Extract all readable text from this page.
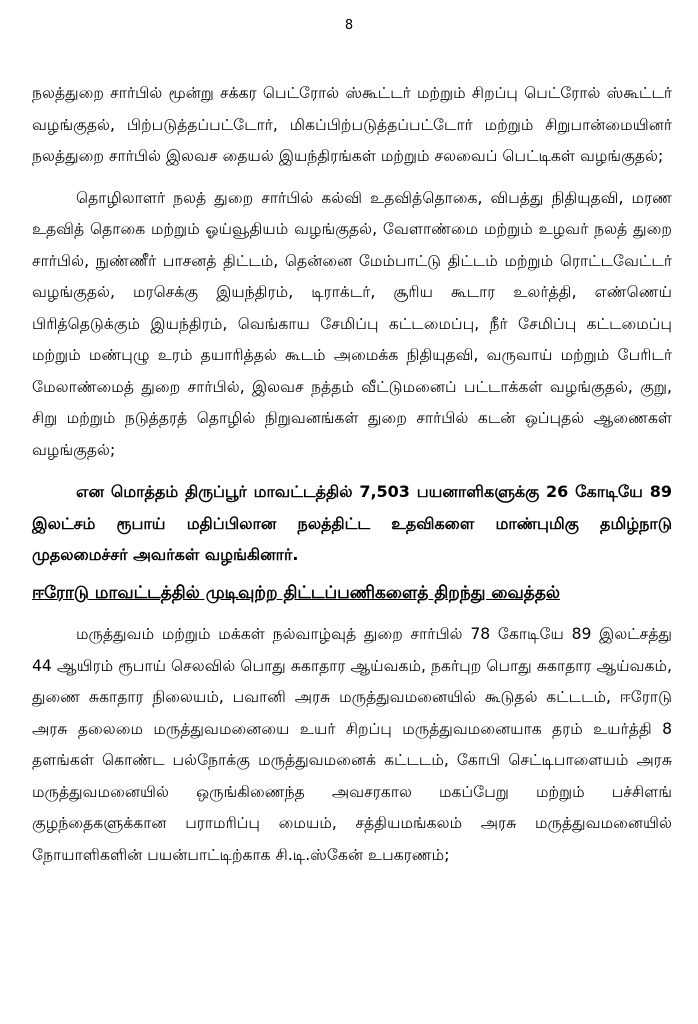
8

நலத்துறை சார்பில் மூன்று சக்கர பெட்ரோல் ஸ்கூட்டர் மற்றும் சிறப்பு பெட்ரோல் ஸ்கூட்டர் வழங்குதல், பிற்படுத்தப்பட்டோர், மிகப்பிற்படுத்தப்பட்டோர் மற்றும் சிறுபான்மையினர் நலத்துறை சார்பில் இலவச தையல் இயந்திரங்கள் மற்றும் சலவைப் பெட்டிகள் வழங்குதல்;

தொழிலாளர் நலத் துறை சார்பில் கல்வி உதவித்தொகை, விபத்து நிதியுதவி, மரண உதவித் தொகை மற்றும் ஓய்வூதியம் வழங்குதல், வேளாண்மை மற்றும் உழவர் நலத் துறை சார்பில், நுண்ணீர் பாசனத் திட்டம், தென்னை மேம்பாட்டு திட்டம் மற்றும் ரொட்டவேட்டர் வழங்குதல், மரசெக்கு இயந்திரம், டிராக்டர், சூரிய கூடார உலர்த்தி, எண்ணெய் பிரித்தெடுக்கும் இயந்திரம், வெங்காய சேமிப்பு கட்டமைப்பு, நீர் சேமிப்பு கட்டமைப்பு மற்றும் மண்புழு உரம் தயாரித்தல் கூடம் அமைக்க நிதியுதவி, வருவாய் மற்றும் பேரிடர் மேலாண்மைத் துறை சார்பில், இலவச நத்தம் வீட்டுமனைப் பட்டாக்கள் வழங்குதல், குறு, சிறு மற்றும் நடுத்தரத் தொழில் நிறுவனங்கள் துறை சார்பில் கடன் ஒப்புதல் ஆணைகள் வழங்குதல்;

என மொத்தம் திருப்பூர் மாவட்டத்தில் 7,503 பயனாளிகளுக்கு 26 கோடியே 89 இலட்சம் ரூபாய் மதிப்பிலான நலத்திட்ட உதவிகளை மாண்புமிகு தமிழ்நாடு முதலமைச்சர் அவர்கள் வழங்கினார்.

ஈரோடு மாவட்டத்தில் முடிவுற்ற திட்டப்பணிகளைத் திறந்து வைத்தல்

மருத்துவம் மற்றும் மக்கள் நல்வாழ்வுத் துறை சார்பில் 78 கோடியே 89 இலட்சத்து 44 ஆயிரம் ரூபாய் செலவில் பொது சுகாதார ஆய்வகம், நகர்புற பொது சுகாதார ஆய்வகம், துணை சுகாதார நிலையம், பவானி அரசு மருத்துவமனையில் கூடுதல் கட்டடம், ஈரோடு அரசு தலைமை மருத்துவமனையை உயர் சிறப்பு மருத்துவமனையாக தரம் உயர்த்தி 8 தளங்கள் கொண்ட பல்நோக்கு மருத்துவமனைக் கட்டடம், கோபி செட்டிபாளையம் அரசு மருத்துவமனையில் ஒருங்கிணைந்த அவசரகால மகப்பேறு மற்றும் பச்சிளங் குழந்தைகளுக்கான பராமரிப்பு மையம், சத்தியமங்கலம் அரசு மருத்துவமனையில் நோயாளிகளின் பயன்பாட்டிற்காக சி.டி.ஸ்கேன் உபகரணம்;
